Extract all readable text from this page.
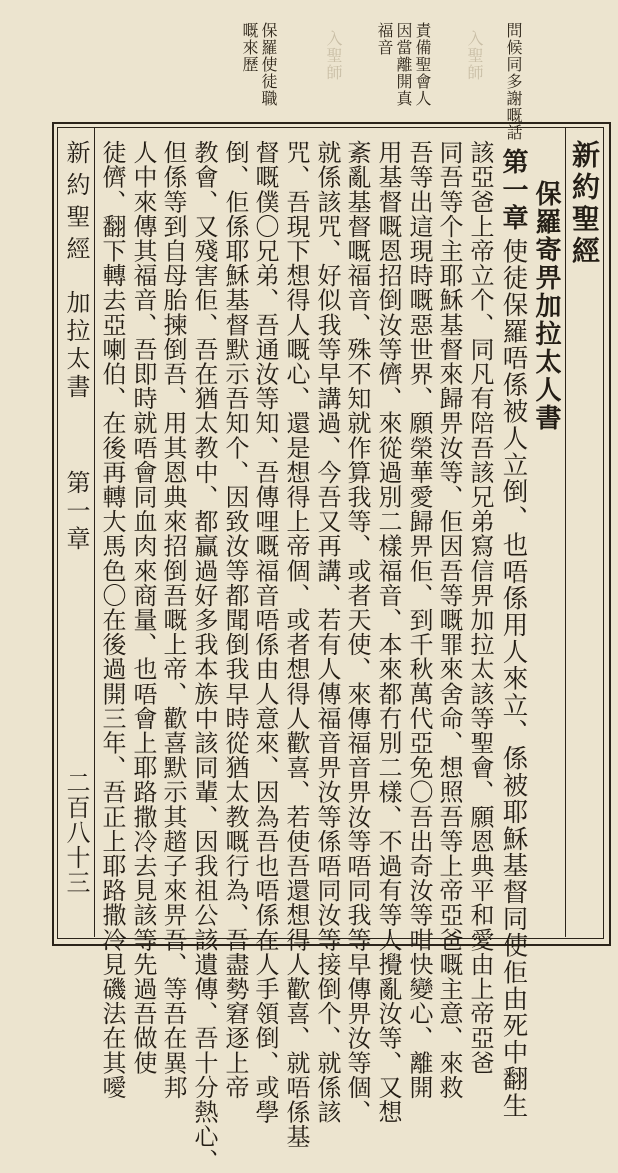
問候同多謝嘅話
入聖師
責備聖會人因當離開真福音
入聖師
保羅使徒職嘅來歷
新約聖經
保羅寄畀加拉太人書
第一章
使徒保羅唔係被人立倒、也唔係用人來立、係被耶穌基督同使佢由死中翻生
該亞爸上帝立个、同凡有陪吾該兄弟寫信畀加拉太該等聖會、願恩典平和愛由上帝亞爸
同吾等个主耶穌基督來歸畀汝等、佢因吾等嘅罪來舍命、想照吾等上帝亞爸嘅主意、來救
吾等出這現時嘅惡世界、願榮華愛歸畀佢、到千秋萬代亞免〇吾出奇汝等咁快變心、離開
用基督嘅恩招倒汝等儕、來從過別二樣福音、本來都冇別二樣、不過有等人攪亂汝等、又想
紊亂基督嘅福音、殊不知就作算我等、或者天使、來傳福音畀汝等唔同我等早傳畀汝等個、
就係該咒、好似我等早講過、今吾又再講、若有人傳福音畀汝等係唔同汝等接倒个、就係該
咒、吾現下想得人嘅心、還是想得上帝個、或者想得人歡喜、若使吾還想得人歡喜、就唔係基
督嘅僕〇兄弟、吾通汝等知、吾傳哩嘅福音唔係由人意來、因為吾也唔係在人手領倒、或學
倒、佢係耶穌基督默示吾知个、因致汝等都聞倒我早時從猶太教嘅行為、吾盡勢窘逐上帝
教會、又殘害佢、吾在猶太教中、都贏過好多我本族中該同輩、因我祖公該遺傳、吾十分熱心、
但係等到自母胎揀倒吾、用其恩典來招倒吾嘅上帝、歡喜默示其趦子來畀吾、等吾在異邦
人中來傳其福音、吾即時就唔會同血肉來商量、也唔會上耶路撒冷去見該等先過吾做使
徒儕、翻下轉去亞喇伯、在後再轉大馬色〇在後過開三年、吾正上耶路撒冷見磯法在其噯
新約聖經
加拉太書
第一章
二百八十三
